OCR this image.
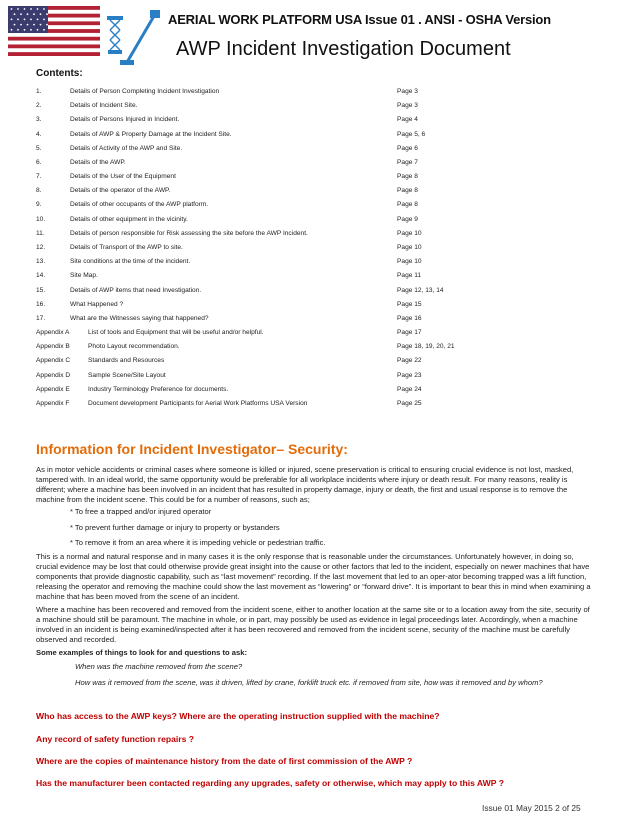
AERIAL WORK PLATFORM USA Issue 01 . ANSI - OSHA Version
AWP Incident Investigation Document
Contents:
1.	Details of Person Completing Incident Investigation	Page 3
2.	Details of Incident Site.	Page 3
3.	Details of Persons Injured in Incident.	Page 4
4.	Details of AWP & Property Damage at the Incident Site.	Page 5, 6
5.	Details of Activity of the AWP and Site.	Page 6
6.	Details of the AWP.	Page 7
7.	Details of the User of the Equipment	Page 8
8.	Details of the operator of the AWP.	Page 8
9.	Details of other occupants of the AWP platform.	Page 8
10.	Details of other equipment in the vicinity.	Page 9
11.	Details of person responsible for Risk assessing the site before the AWP Incident.	Page 10
12.	Details of Transport of the AWP to site.	Page 10
13.	Site conditions at the time of the incident.	Page 10
14.	Site Map.	Page 11
15.	Details of AWP items that need Investigation.	Page 12, 13, 14
16.	What Happened ?	Page 15
17.	What are the Witnesses saying that happened?	Page 16
Appendix A	List of tools and Equipment that will be useful and/or helpful.	Page 17
Appendix B	Photo Layout recommendation.	Page 18, 19, 20, 21
Appendix C	Standards and Resources	Page 22
Appendix D	Sample Scene/Site Layout	Page 23
Appendix E	Industry Terminology Preference for documents.	Page 24
Appendix F	Document development Participants for Aerial Work Platforms USA Version	Page 25
Information for Incident Investigator– Security:
As in motor vehicle accidents or criminal cases where someone is killed or injured, scene preservation is critical to ensuring crucial evidence is not lost, masked, tampered with. In an ideal world, the same opportunity would be preferable for all workplace incidents where injury or death result. For many reasons, reality is different; where a machine has been involved in an incident that has resulted in property damage, injury or death, the first and usual response is to remove the machine from the incident scene. This could be for a number of reasons, such as;
* To free a trapped and/or injured operator
* To prevent further damage or injury to property or bystanders
* To remove it from an area where it is impeding vehicle or pedestrian traffic.
This is a normal and natural response and in many cases it is the only response that is reasonable under the circumstances. Unfortunately however, in doing so, crucial evidence may be lost that could otherwise provide great insight into the cause or other factors that led to the incident, especially on newer machines that have components that provide diagnostic capability, such as “last movement” recording. If the last movement that led to an oper-ator becoming trapped was a lift function, releasing the operator and removing the machine could show the last movement as “lowering” or “forward drive”. It is important to bear this in mind when examining a machine that has been moved from the scene of an incident.
Where a machine has been recovered and removed from the incident scene, either to another location at the same site or to a location away from the site, security of a machine should still be paramount. The machine in whole, or in part, may possibly be used as evidence in legal proceedings later. Accordingly, when a machine involved in an incident is being examined/inspected after it has been recovered and removed from the incident scene, security of the machine must be carefully observed and recorded.
Some examples of things to look for and questions to ask:
When was the machine removed from the scene?
How was it removed from the scene, was it driven, lifted by crane, forklift truck etc. if removed from site, how was it removed and by whom?
Who has access to the AWP keys? Where are the operating instruction supplied with the machine?
Any record of safety function repairs ?
Where are the copies of maintenance history from the date of first commission of the AWP ?
Has the manufacturer been contacted regarding any upgrades, safety or otherwise, which may apply to this AWP ?
Issue 01 May 2015 2 of 25
